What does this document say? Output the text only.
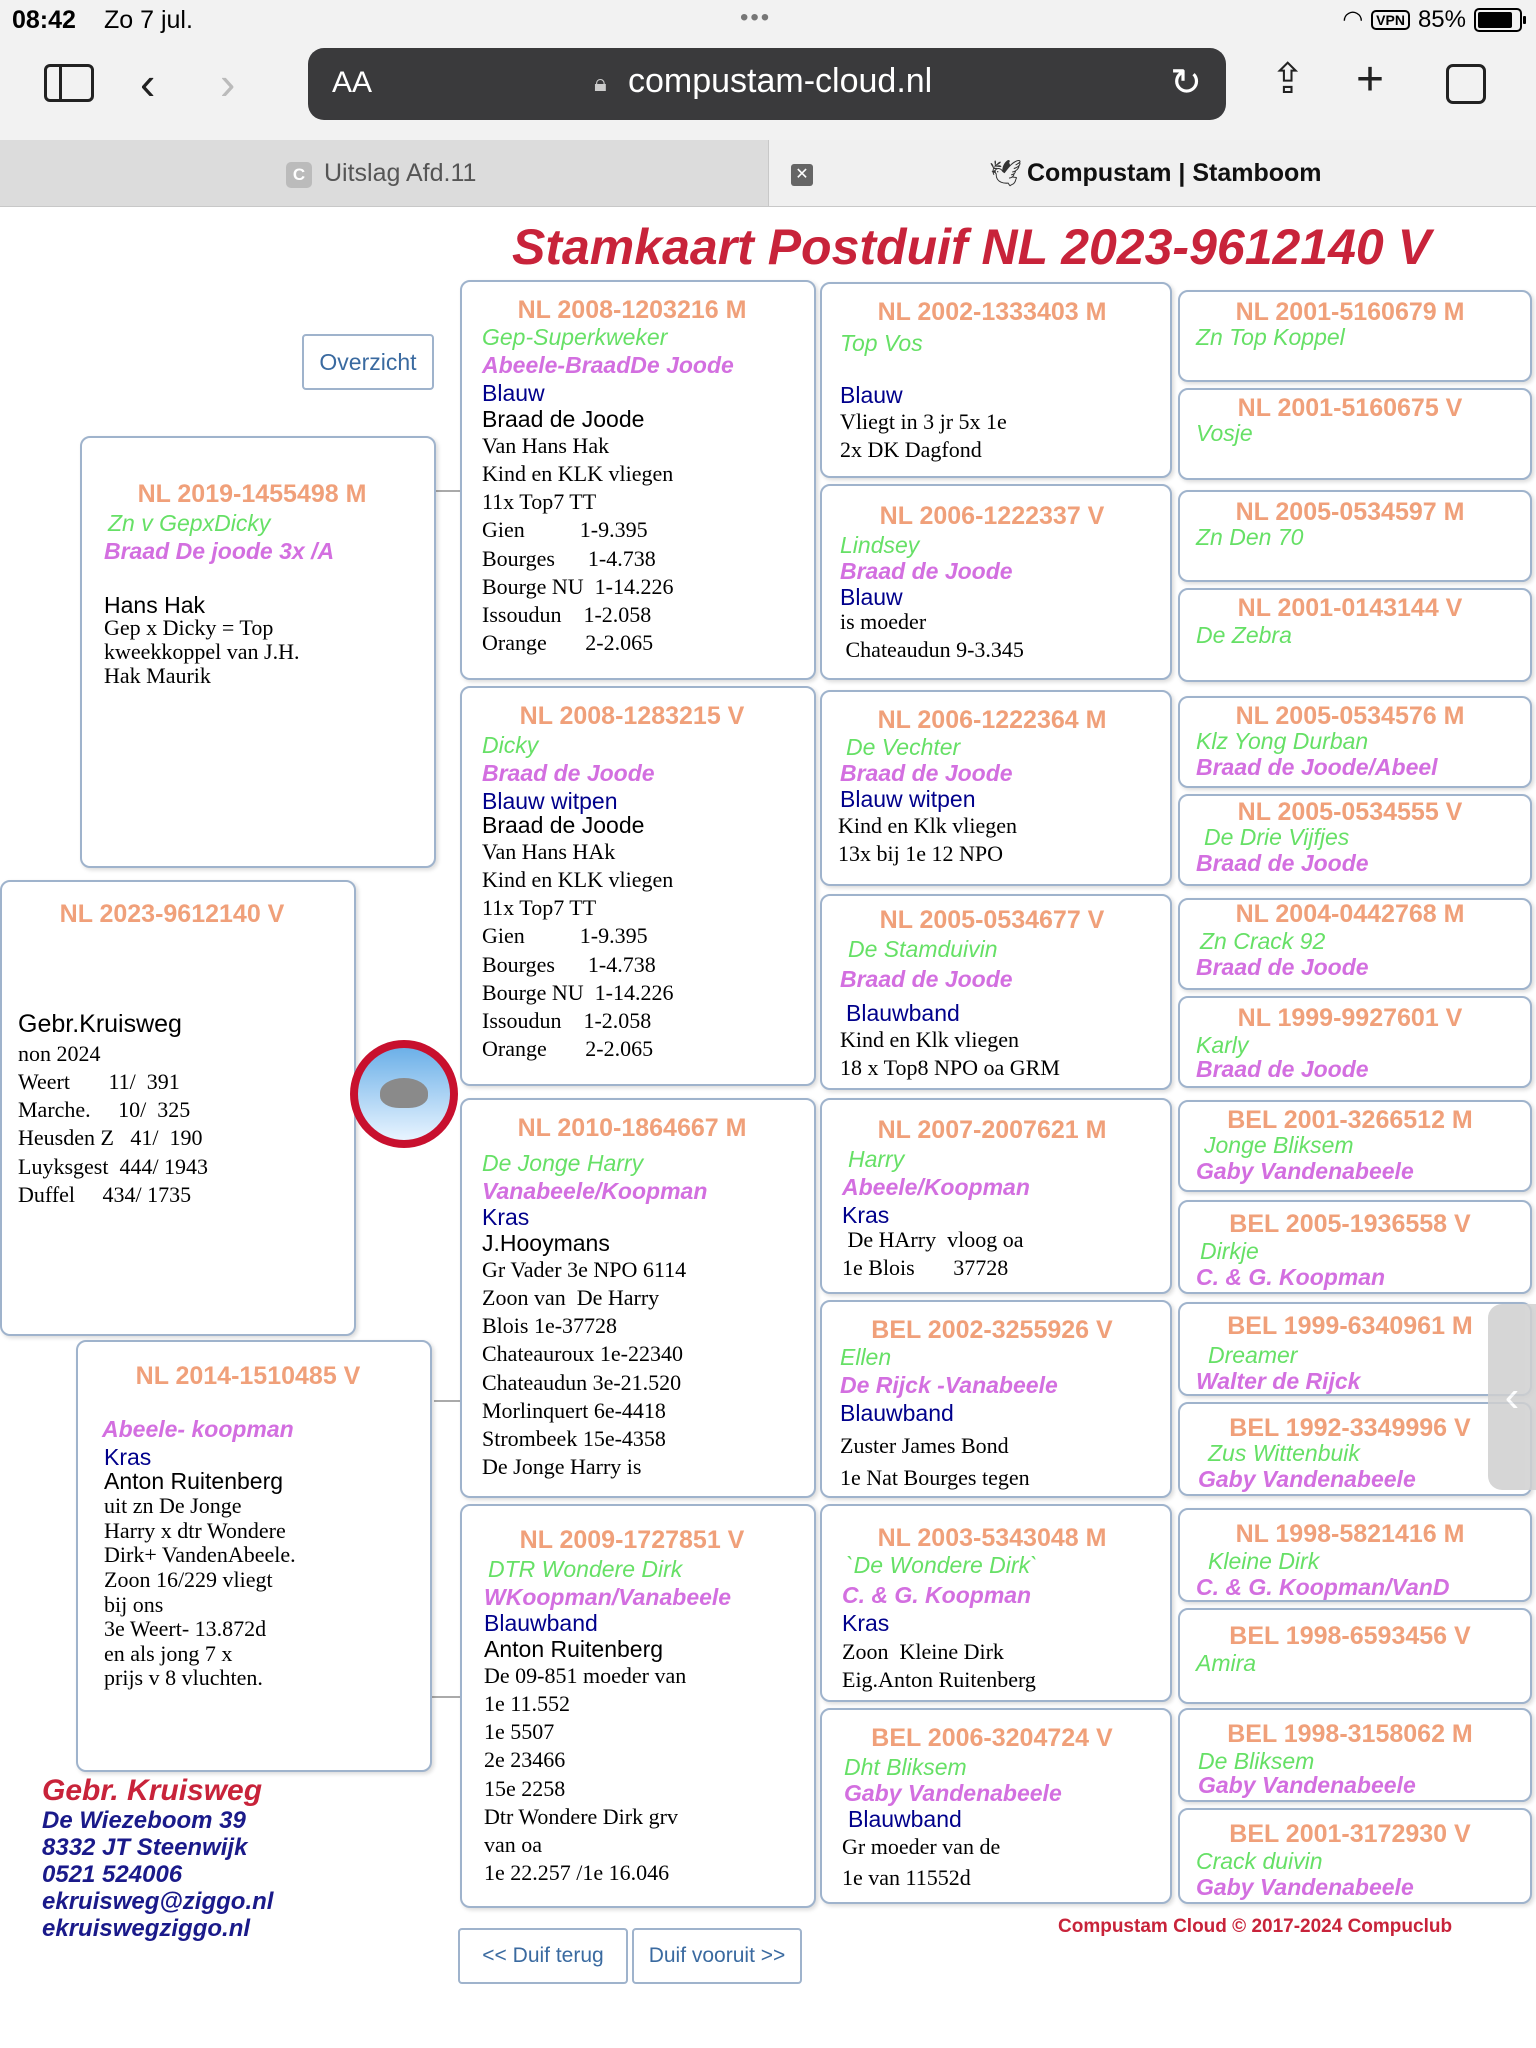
08:42 Zo 7 jul.	•••	◠ VPN 85%
‹ ›	AA	🔒︎ compustam-cloud.nl	↻ ⇪ +
C Uitslag Afd.11	✕	🕊︎ Compustam | Stamboom
Stamkaart Postduif NL 2023-9612140 V
Overzicht
NL 2023-9612140 V
Gebr.Kruisweg
non 2024
Weert       11/  391
Marche.     10/  325
Heusden Z   41/  190
Luyksgest  444/ 1943
Duffel     434/ 1735
NL 2019-1455498 M
Zn v GepxDicky
Braad De joode 3x /A
Hans Hak
Gep x Dicky = Top
kweekkoppel van J.H.
Hak Maurik
NL 2014-1510485 V
Abeele- koopman
Kras
Anton Ruitenberg
uit zn De Jonge
Harry x dtr Wondere
Dirk+ VandenAbeele.
Zoon 16/229 vliegt
bij ons
3e Weert- 13.872d
en als jong 7 x
prijs v 8 vluchten.
NL 2008-1203216 M
Gep-Superkweker
Abeele-BraadDe Joode
Blauw
Braad de Joode
Van Hans Hak
Kind en KLK vliegen
11x Top7 TT
Gien          1-9.395
Bourges      1-4.738
Bourge NU  1-14.226
Issoudun    1-2.058
Orange       2-2.065
NL 2008-1283215 V
Dicky
Braad de Joode
Blauw witpen
Braad de Joode
Van Hans HAk
Kind en KLK vliegen
11x Top7 TT
Gien          1-9.395
Bourges      1-4.738
Bourge NU  1-14.226
Issoudun    1-2.058
Orange       2-2.065
NL 2010-1864667 M
De Jonge Harry
Vanabeele/Koopman
Kras
J.Hooymans
Gr Vader 3e NPO 6114
Zoon van  De Harry
Blois 1e-37728
Chateauroux 1e-22340
Chateaudun 3e-21.520
Morlinquert 6e-4418
Strombeek 15e-4358
De Jonge Harry is
NL 2009-1727851 V
DTR Wondere Dirk
WKoopman/Vanabeele
Blauwband
Anton Ruitenberg
De 09-851 moeder van
1e 11.552
1e 5507
2e 23466
15e 2258
Dtr Wondere Dirk grv
van oa
1e 22.257 /1e 16.046
NL 2002-1333403 M
Top Vos
Blauw
Vliegt in 3 jr 5x 1e
2x DK Dagfond
NL 2006-1222337 V
Lindsey
Braad de Joode
Blauw
is moeder
Chateaudun 9-3.345
NL 2006-1222364 M
De Vechter
Braad de Joode
Blauw witpen
Kind en Klk vliegen
13x bij 1e 12 NPO
NL 2005-0534677 V
De Stamduivin
Braad de Joode
Blauwband
Kind en Klk vliegen
18 x Top8 NPO oa GRM
NL 2007-2007621 M
Harry
Abeele/Koopman
Kras
De HArry  vloog oa
1e Blois       37728
BEL 2002-3255926 V
Ellen
De Rijck -Vanabeele
Blauwband
Zuster James Bond
1e Nat Bourges tegen
NL 2003-5343048 M
`De Wondere Dirk`
C. & G. Koopman
Kras
Zoon  Kleine Dirk
Eig.Anton Ruitenberg
BEL 2006-3204724 V
Dht Bliksem
Gaby Vandenabeele
Blauwband
Gr moeder van de
1e van 11552d
NL 2001-5160679 M
Zn Top Koppel
NL 2001-5160675 V
Vosje
NL 2005-0534597 M
Zn Den 70
NL 2001-0143144 V
De Zebra
NL 2005-0534576 M
Klz Yong Durban
Braad de Joode/Abeel
NL 2005-0534555 V
De Drie Vijfjes
Braad de Joode
NL 2004-0442768 M
Zn Crack 92
Braad de Joode
NL 1999-9927601 V
Karly
Braad de Joode
BEL 2001-3266512 M
Jonge Bliksem
Gaby Vandenabeele
BEL 2005-1936558 V
Dirkje
C. & G. Koopman
BEL 1999-6340961 M
Dreamer
Walter de Rijck
BEL 1992-3349996 V
Zus Wittenbuik
Gaby Vandenabeele
NL 1998-5821416 M
Kleine Dirk
C. & G. Koopman/VanD
BEL 1998-6593456 V
Amira
BEL 1998-3158062 M
De Bliksem
Gaby Vandenabeele
BEL 2001-3172930 V
Crack duivin
Gaby Vandenabeele
Gebr. Kruisweg
De Wiezeboom 39
8332 JT Steenwijk
0521 524006
ekruisweg@ziggo.nl
ekruiswegziggo.nl	Compustam Cloud © 2017-2024 Compuclub
<< Duif terug	Duif vooruit >>
‹
